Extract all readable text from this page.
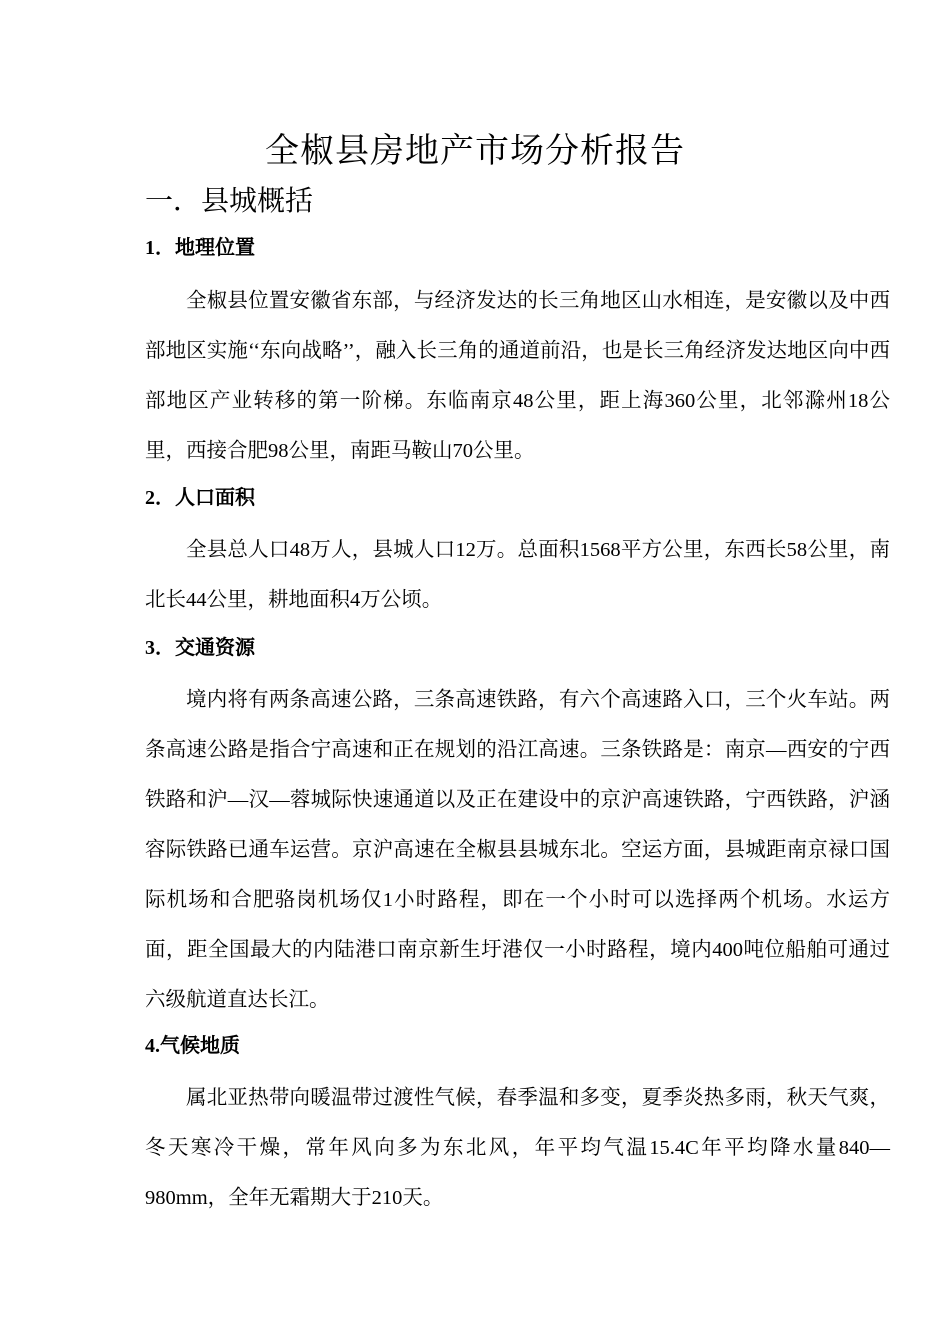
全椒县房地产市场分析报告
一．县城概括
1．地理位置
全椒县位置安徽省东部，与经济发达的长三角地区山水相连，是安徽以及中西部地区实施‘‘东向战略’’，融入长三角的通道前沿，也是长三角经济发达地区向中西部地区产业转移的第一阶梯。东临南京48公里，距上海360公里，北邻滁州18公里，西接合肥98公里，南距马鞍山70公里。
2．人口面积
全县总人口48万人，县城人口12万。总面积1568平方公里，东西长58公里，南北长44公里，耕地面积4万公顷。
3．交通资源
境内将有两条高速公路，三条高速铁路，有六个高速路入口，三个火车站。两条高速公路是指合宁高速和正在规划的沿江高速。三条铁路是：南京—西安的宁西铁路和沪—汉—蓉城际快速通道以及正在建设中的京沪高速铁路，宁西铁路，沪涵容际铁路已通车运营。京沪高速在全椒县县城东北。空运方面，县城距南京禄口国际机场和合肥骆岗机场仅1小时路程，即在一个小时可以选择两个机场。水运方面，距全国最大的内陆港口南京新生圩港仅一小时路程，境内400吨位船舶可通过六级航道直达长江。
4.气候地质
属北亚热带向暖温带过渡性气候，春季温和多变，夏季炎热多雨，秋天气爽，冬天寒冷干燥，常年风向多为东北风，年平均气温15.4C年平均降水量840—980mm，全年无霜期大于210天。
